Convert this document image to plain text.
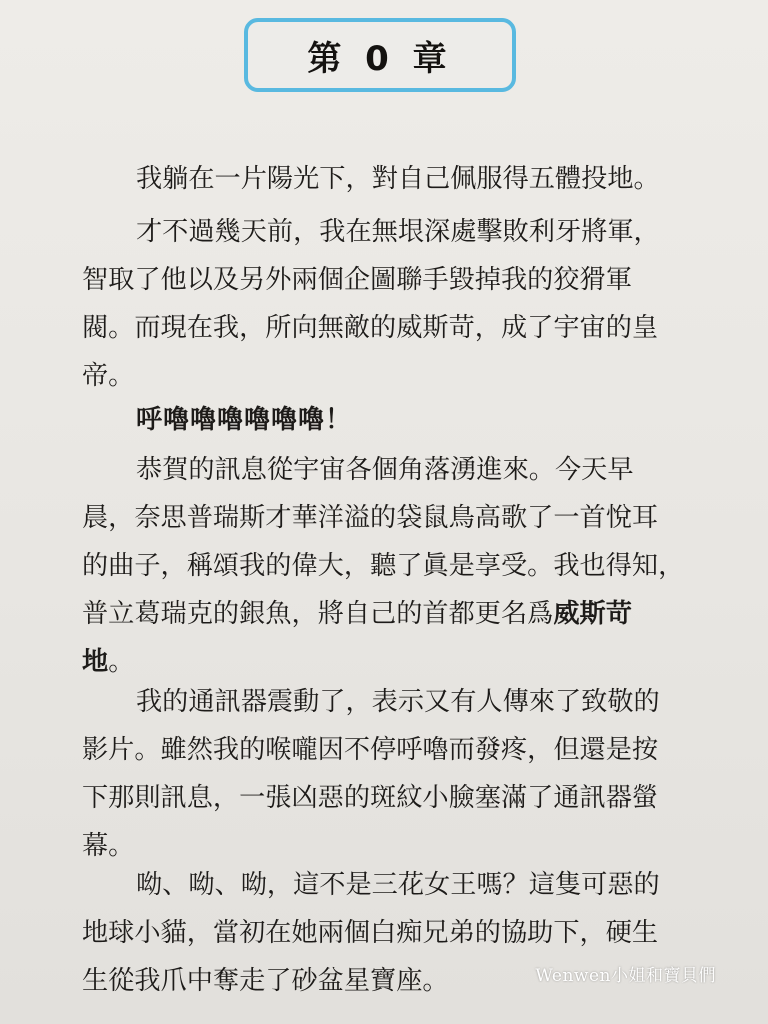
第 0 章
我躺在一片陽光下，對自己佩服得五體投地。
才不過幾天前，我在無垠深處擊敗利牙將軍，
智取了他以及另外兩個企圖聯手毀掉我的狡猾軍
閥。而現在我，所向無敵的威斯苛，成了宇宙的皇
帝。
呼嚕嚕嚕嚕嚕嚕！
恭賀的訊息從宇宙各個角落湧進來。今天早
晨，奈思普瑞斯才華洋溢的袋鼠鳥高歌了一首悅耳
的曲子，稱頌我的偉大，聽了眞是享受。我也得知，
普立葛瑞克的銀魚，將自己的首都更名爲威斯苛
地。
我的通訊器震動了，表示又有人傳來了致敬的
影片。雖然我的喉嚨因不停呼嚕而發疼，但還是按
下那則訊息，一張凶惡的斑紋小臉塞滿了通訊器螢
幕。
呦、呦、呦，這不是三花女王嗎？這隻可惡的
地球小貓，當初在她兩個白痴兄弟的協助下，硬生
生從我爪中奪走了砂盆星寶座。	Wenwen小姐和寶貝們
